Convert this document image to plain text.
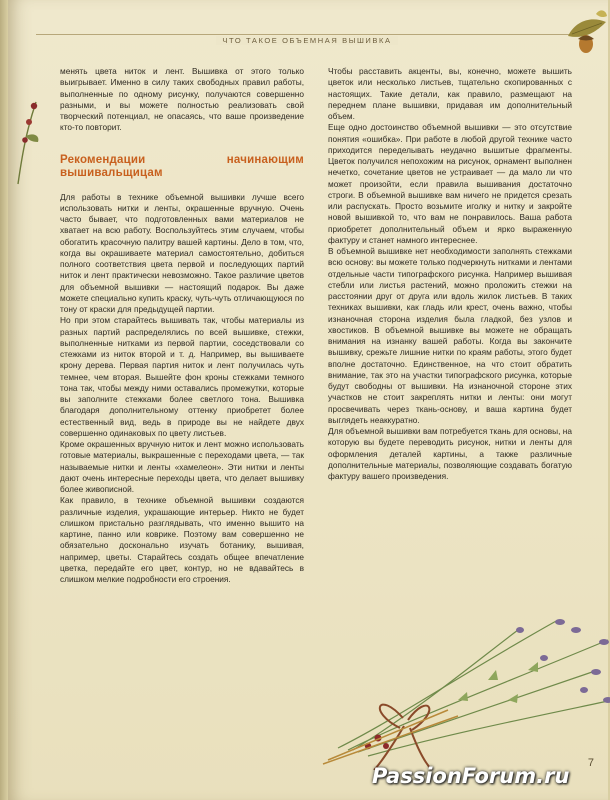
ЧТО ТАКОЕ ОБЪЕМНАЯ ВЫШИВКА

менять цвета ниток и лент. Вышивка от этого только выигрывает. Именно в силу таких свободных правил работы, выполненные по одному рисунку, получаются совершенно разными, и вы можете полностью реализовать свой творческий потенциал, не опасаясь, что ваше произведение кто-то повторит.

Рекомендации начинающим вышивальщицам

Для работы в технике объемной вышивки лучше всего использовать нитки и ленты, окрашенные вручную. Очень часто бывает, что подготовленных вами материалов не хватает на всю работу. Воспользуйтесь этим случаем, чтобы обогатить красочную палитру вашей картины. Дело в том, что, когда вы окрашиваете материал самостоятельно, добиться полного соответствия цвета первой и последующих партий ниток и лент практически невозможно. Такое различие цветов для объемной вышивки — настоящий подарок. Вы даже можете специально купить краску, чуть-чуть отличающуюся по тону от краски для предыдущей партии.

Но при этом старайтесь вышивать так, чтобы материалы из разных партий распределялись по всей вышивке, стежки, выполненные нитками из первой партии, соседствовали со стежками из ниток второй и т. д. Например, вы вышиваете крону дерева. Первая партия ниток и лент получилась чуть темнее, чем вторая. Вышейте фон кроны стежками темного тона так, чтобы между ними оставались промежутки, которые вы заполните стежками более светлого тона. Вышивка благодаря дополнительному оттенку приобретет более естественный вид, ведь в природе вы не найдете двух совершенно одинаковых по цвету листьев.

Кроме окрашенных вручную ниток и лент можно использовать готовые материалы, выкрашенные с переходами цвета, — так называемые нитки и ленты «хамелеон». Эти нитки и ленты дают очень интересные переходы цвета, что делает вышивку более живописной.

Как правило, в технике объемной вышивки создаются различные изделия, украшающие интерьер. Никто не будет слишком пристально разглядывать, что именно вышито на картине, панно или коврике. Поэтому вам совершенно не обязательно досконально изучать ботанику, вышивая, например, цветы. Старайтесь создать общее впечатление цветка, передайте его цвет, контур, но не вдавайтесь в слишком мелкие подробности его строения.

Чтобы расставить акценты, вы, конечно, можете вышить цветок или несколько листьев, тщательно скопированных с настоящих. Такие детали, как правило, размещают на переднем плане вышивки, придавая им дополнительный объем.

Еще одно достоинство объемной вышивки — это отсутствие понятия «ошибка». При работе в любой другой технике часто приходится переделывать неудачно вышитые фрагменты. Цветок получился непохожим на рисунок, орнамент выполнен нечетко, сочетание цветов не устраивает — да мало ли что может произойти, если правила вышивания достаточно строги. В объемной вышивке вам ничего не придется срезать или распускать. Просто возьмите иголку и нитку и закройте новой вышивкой то, что вам не понравилось. Ваша работа приобретет дополнительный объем и ярко выраженную фактуру и станет намного интереснее.

В объемной вышивке нет необходимости заполнять стежками всю основу: вы можете только подчеркнуть нитками и лентами отдельные части типографского рисунка. Например вышивая стебли или листья растений, можно проложить стежки на расстоянии друг от друга или вдоль жилок листьев. В таких техниках вышивки, как гладь или крест, очень важно, чтобы изнаночная сторона изделия была гладкой, без узлов и хвостиков. В объемной вышивке вы можете не обращать внимания на изнанку вашей работы. Когда вы закончите вышивку, срежьте лишние нитки по краям работы, этого будет вполне достаточно. Единственное, на что стоит обратить внимание, так это на участки типографского рисунка, которые будут свободны от вышивки. На изнаночной стороне этих участков не стоит закреплять нитки и ленты: они могут просвечивать через ткань-основу, и ваша картина будет выглядеть неаккуратно.

Для объемной вышивки вам потребуется ткань для основы, на которую вы будете переводить рисунок, нитки и ленты для оформления деталей картины, а также различные дополнительные материалы, позволяющие создавать богатую фактуру вашего произведения.

7
PassionForum.ru
